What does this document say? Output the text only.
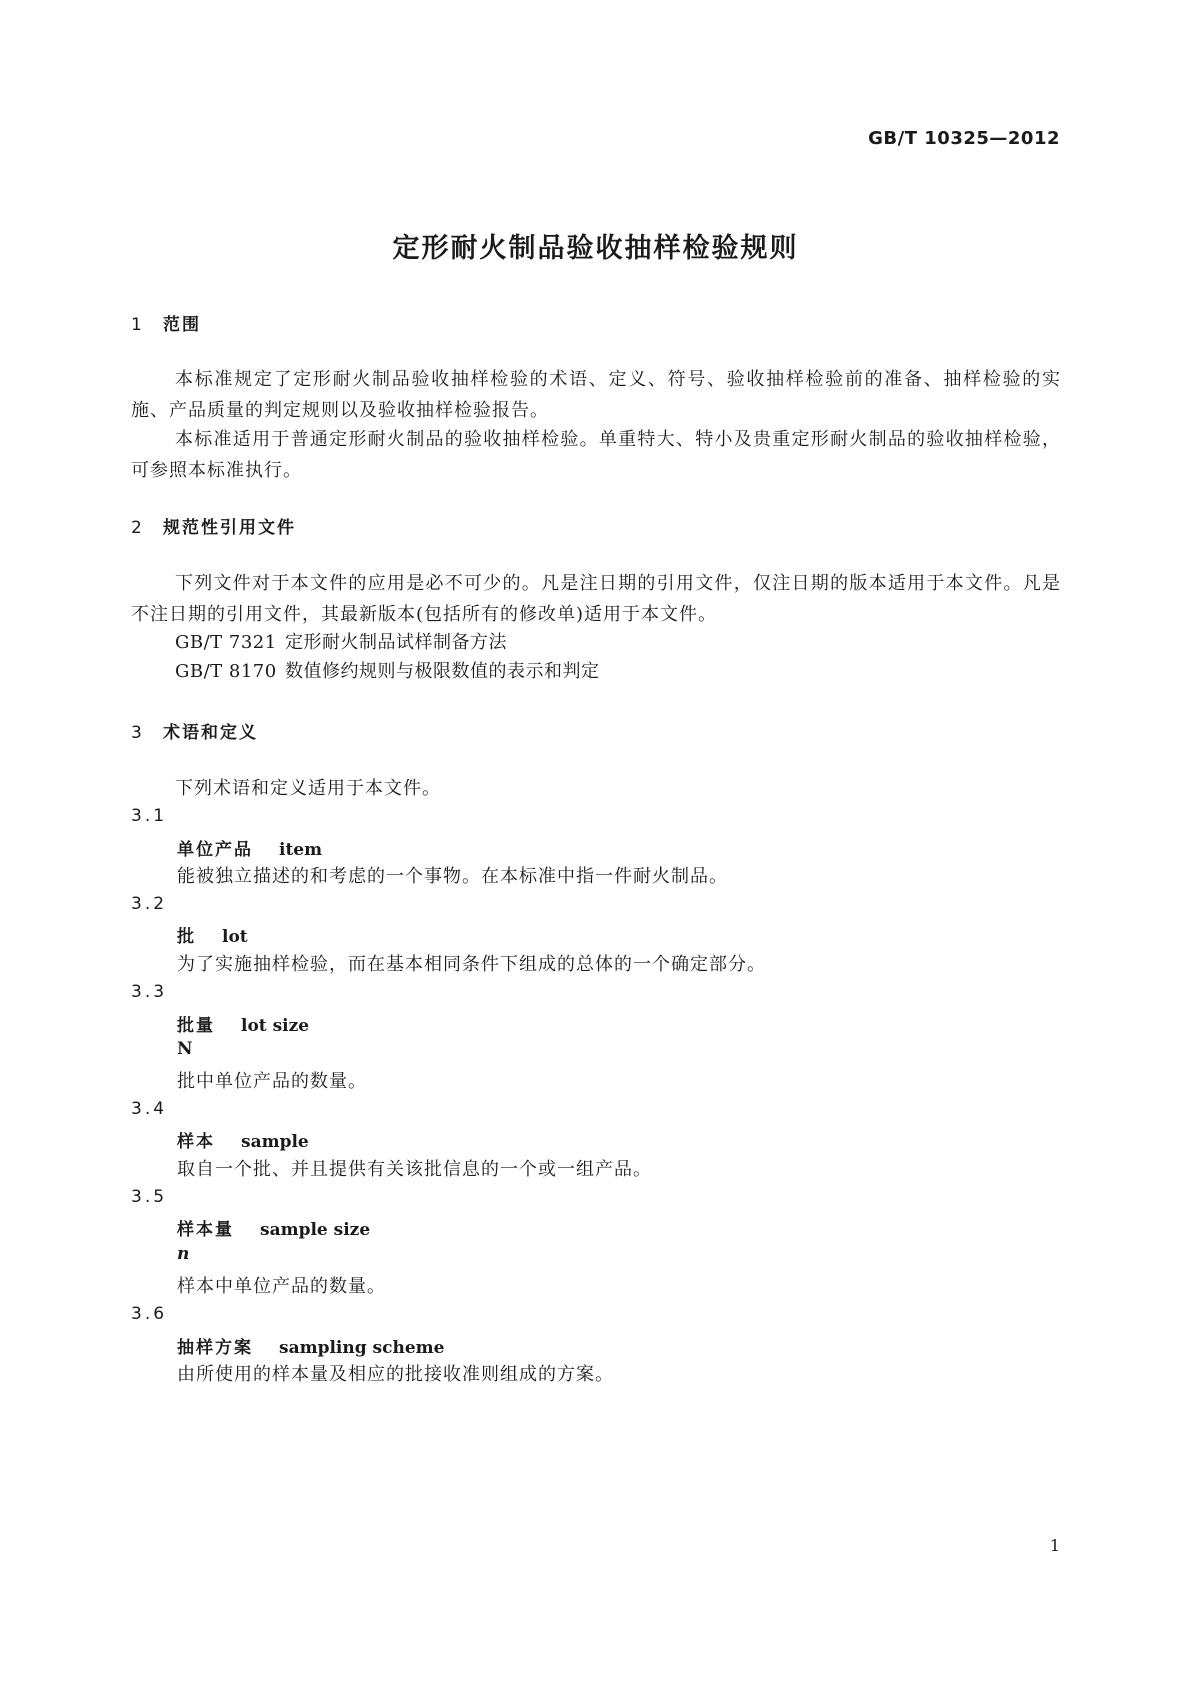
GB/T 10325—2012
定形耐火制品验收抽样检验规则
1 范围
本标准规定了定形耐火制品验收抽样检验的术语、定义、符号、验收抽样检验前的准备、抽样检验的实施、产品质量的判定规则以及验收抽样检验报告。
本标准适用于普通定形耐火制品的验收抽样检验。单重特大、特小及贵重定形耐火制品的验收抽样检验，可参照本标准执行。
2 规范性引用文件
下列文件对于本文件的应用是必不可少的。凡是注日期的引用文件，仅注日期的版本适用于本文件。凡是不注日期的引用文件，其最新版本(包括所有的修改单)适用于本文件。
GB/T 7321 定形耐火制品试样制备方法
GB/T 8170 数值修约规则与极限数值的表示和判定
3 术语和定义
下列术语和定义适用于本文件。
3.1
单位产品 item
能被独立描述的和考虑的一个事物。在本标准中指一件耐火制品。
3.2
批 lot
为了实施抽样检验，而在基本相同条件下组成的总体的一个确定部分。
3.3
批量 lot size
N
批中单位产品的数量。
3.4
样本 sample
取自一个批、并且提供有关该批信息的一个或一组产品。
3.5
样本量 sample size
n
样本中单位产品的数量。
3.6
抽样方案 sampling scheme
由所使用的样本量及相应的批接收准则组成的方案。
1
